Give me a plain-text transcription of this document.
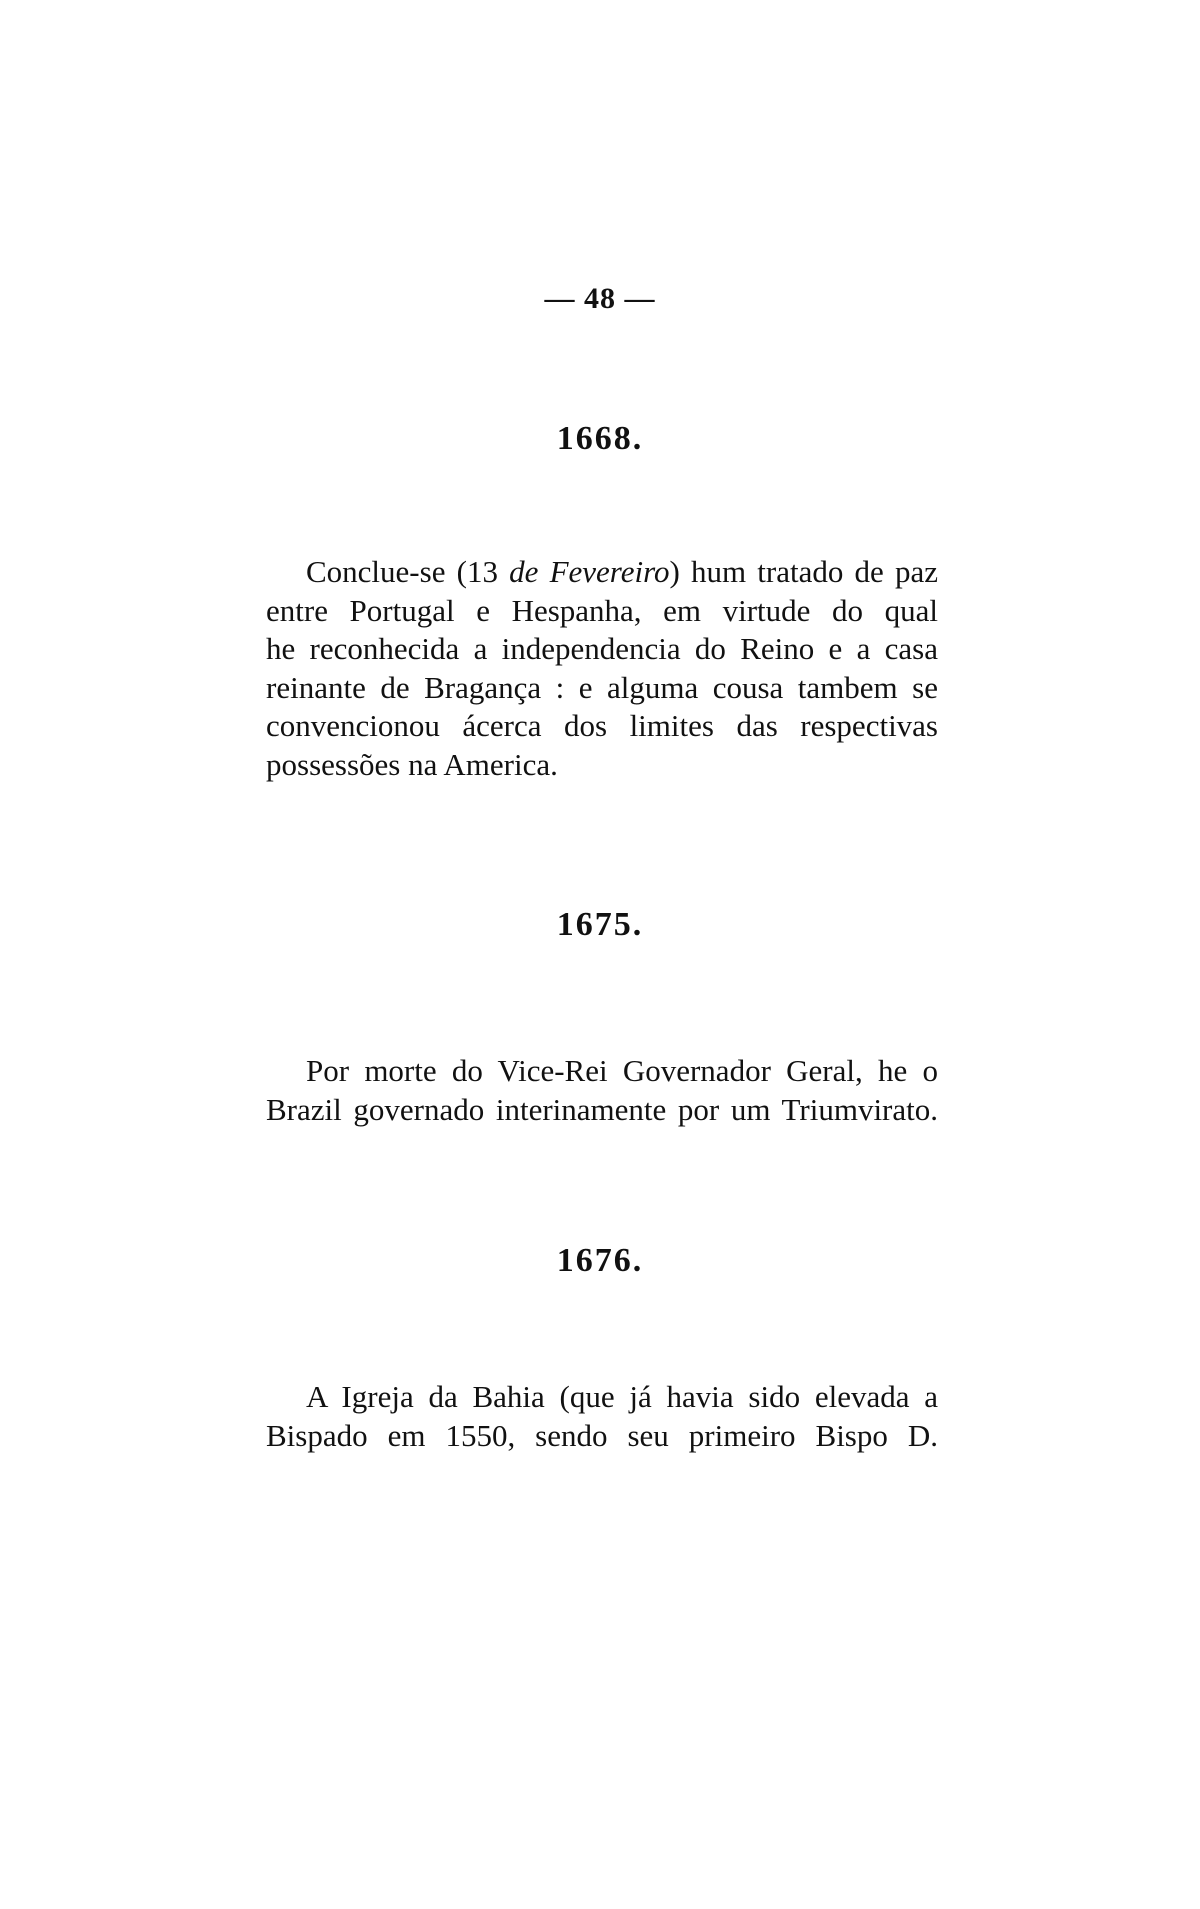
— 48 —
1668.
Conclue-se (13 de Fevereiro) hum tratado de paz
entre Portugal e Hespanha, em virtude do qual
he reconhecida a independencia do Reino e a casa
reinante de Bragança : e alguma cousa tambem se
convencionou ácerca dos limites das respectivas
possessões na America.
1675.
Por morte do Vice-Rei Governador Geral, he o
Brazil governado interinamente por um Triumvirato.
1676.
A Igreja da Bahia (que já havia sido elevada a
Bispado em 1550, sendo seu primeiro Bispo D.
